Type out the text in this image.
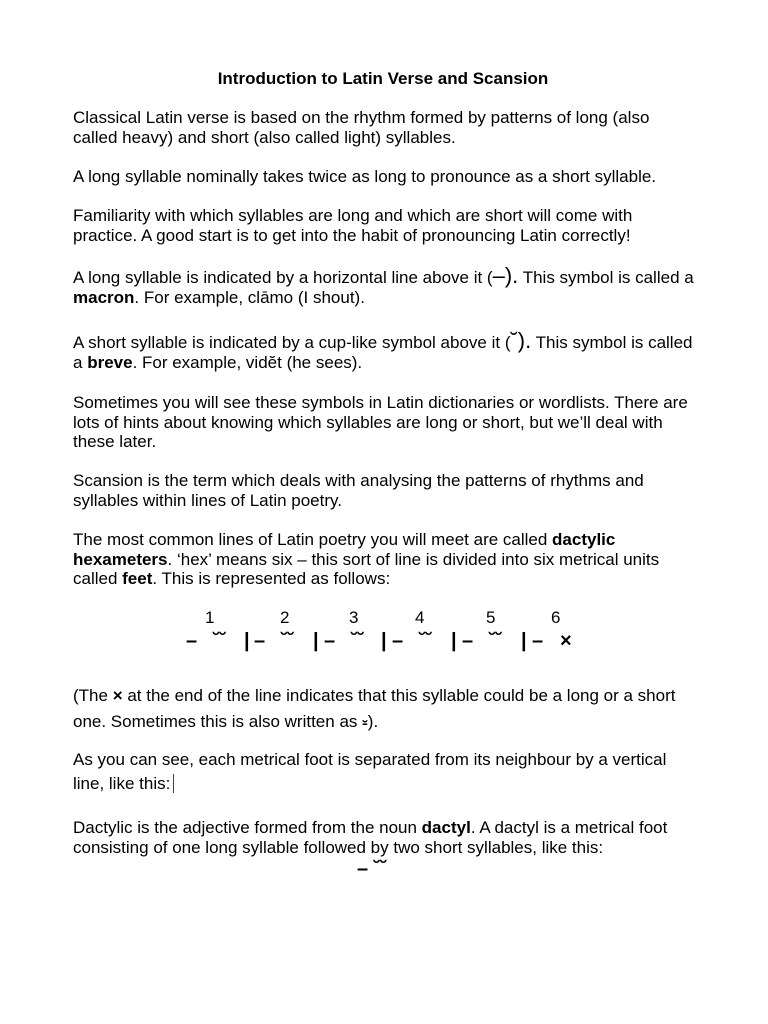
Introduction to Latin Verse and Scansion

Classical Latin verse is based on the rhythm formed by patterns of long (also called heavy) and short (also called light) syllables.

A long syllable nominally takes twice as long to pronounce as a short syllable.

Familiarity with which syllables are long and which are short will come with practice. A good start is to get into the habit of pronouncing Latin correctly!

A long syllable is indicated by a horizontal line above it (–). This symbol is called a macron. For example, clāmo (I shout).

A short syllable is indicated by a cup-like symbol above it (˘). This symbol is called a breve. For example, vidĕt (he sees).

Sometimes you will see these symbols in Latin dictionaries or wordlists. There are lots of hints about knowing which syllables are long or short, but we’ll deal with these later.

Scansion is the term which deals with analysing the patterns of rhythms and syllables within lines of Latin poetry.

The most common lines of Latin poetry you will meet are called dactylic hexameters. ‘hex’ means six – this sort of line is divided into six metrical units called feet. This is represented as follows:

1	2	3	4	5	6
– ˘˘ | – ˘˘ | – ˘˘ | – ˘˘ | – ˘˘ | – ×

(The × at the end of the line indicates that this syllable could be a long or a short one. Sometimes this is also written as ⏓).

As you can see, each metrical foot is separated from its neighbour by a vertical line, like this:

Dactylic is the adjective formed from the noun dactyl. A dactyl is a metrical foot consisting of one long syllable followed by two short syllables, like this:

– ˘˘
